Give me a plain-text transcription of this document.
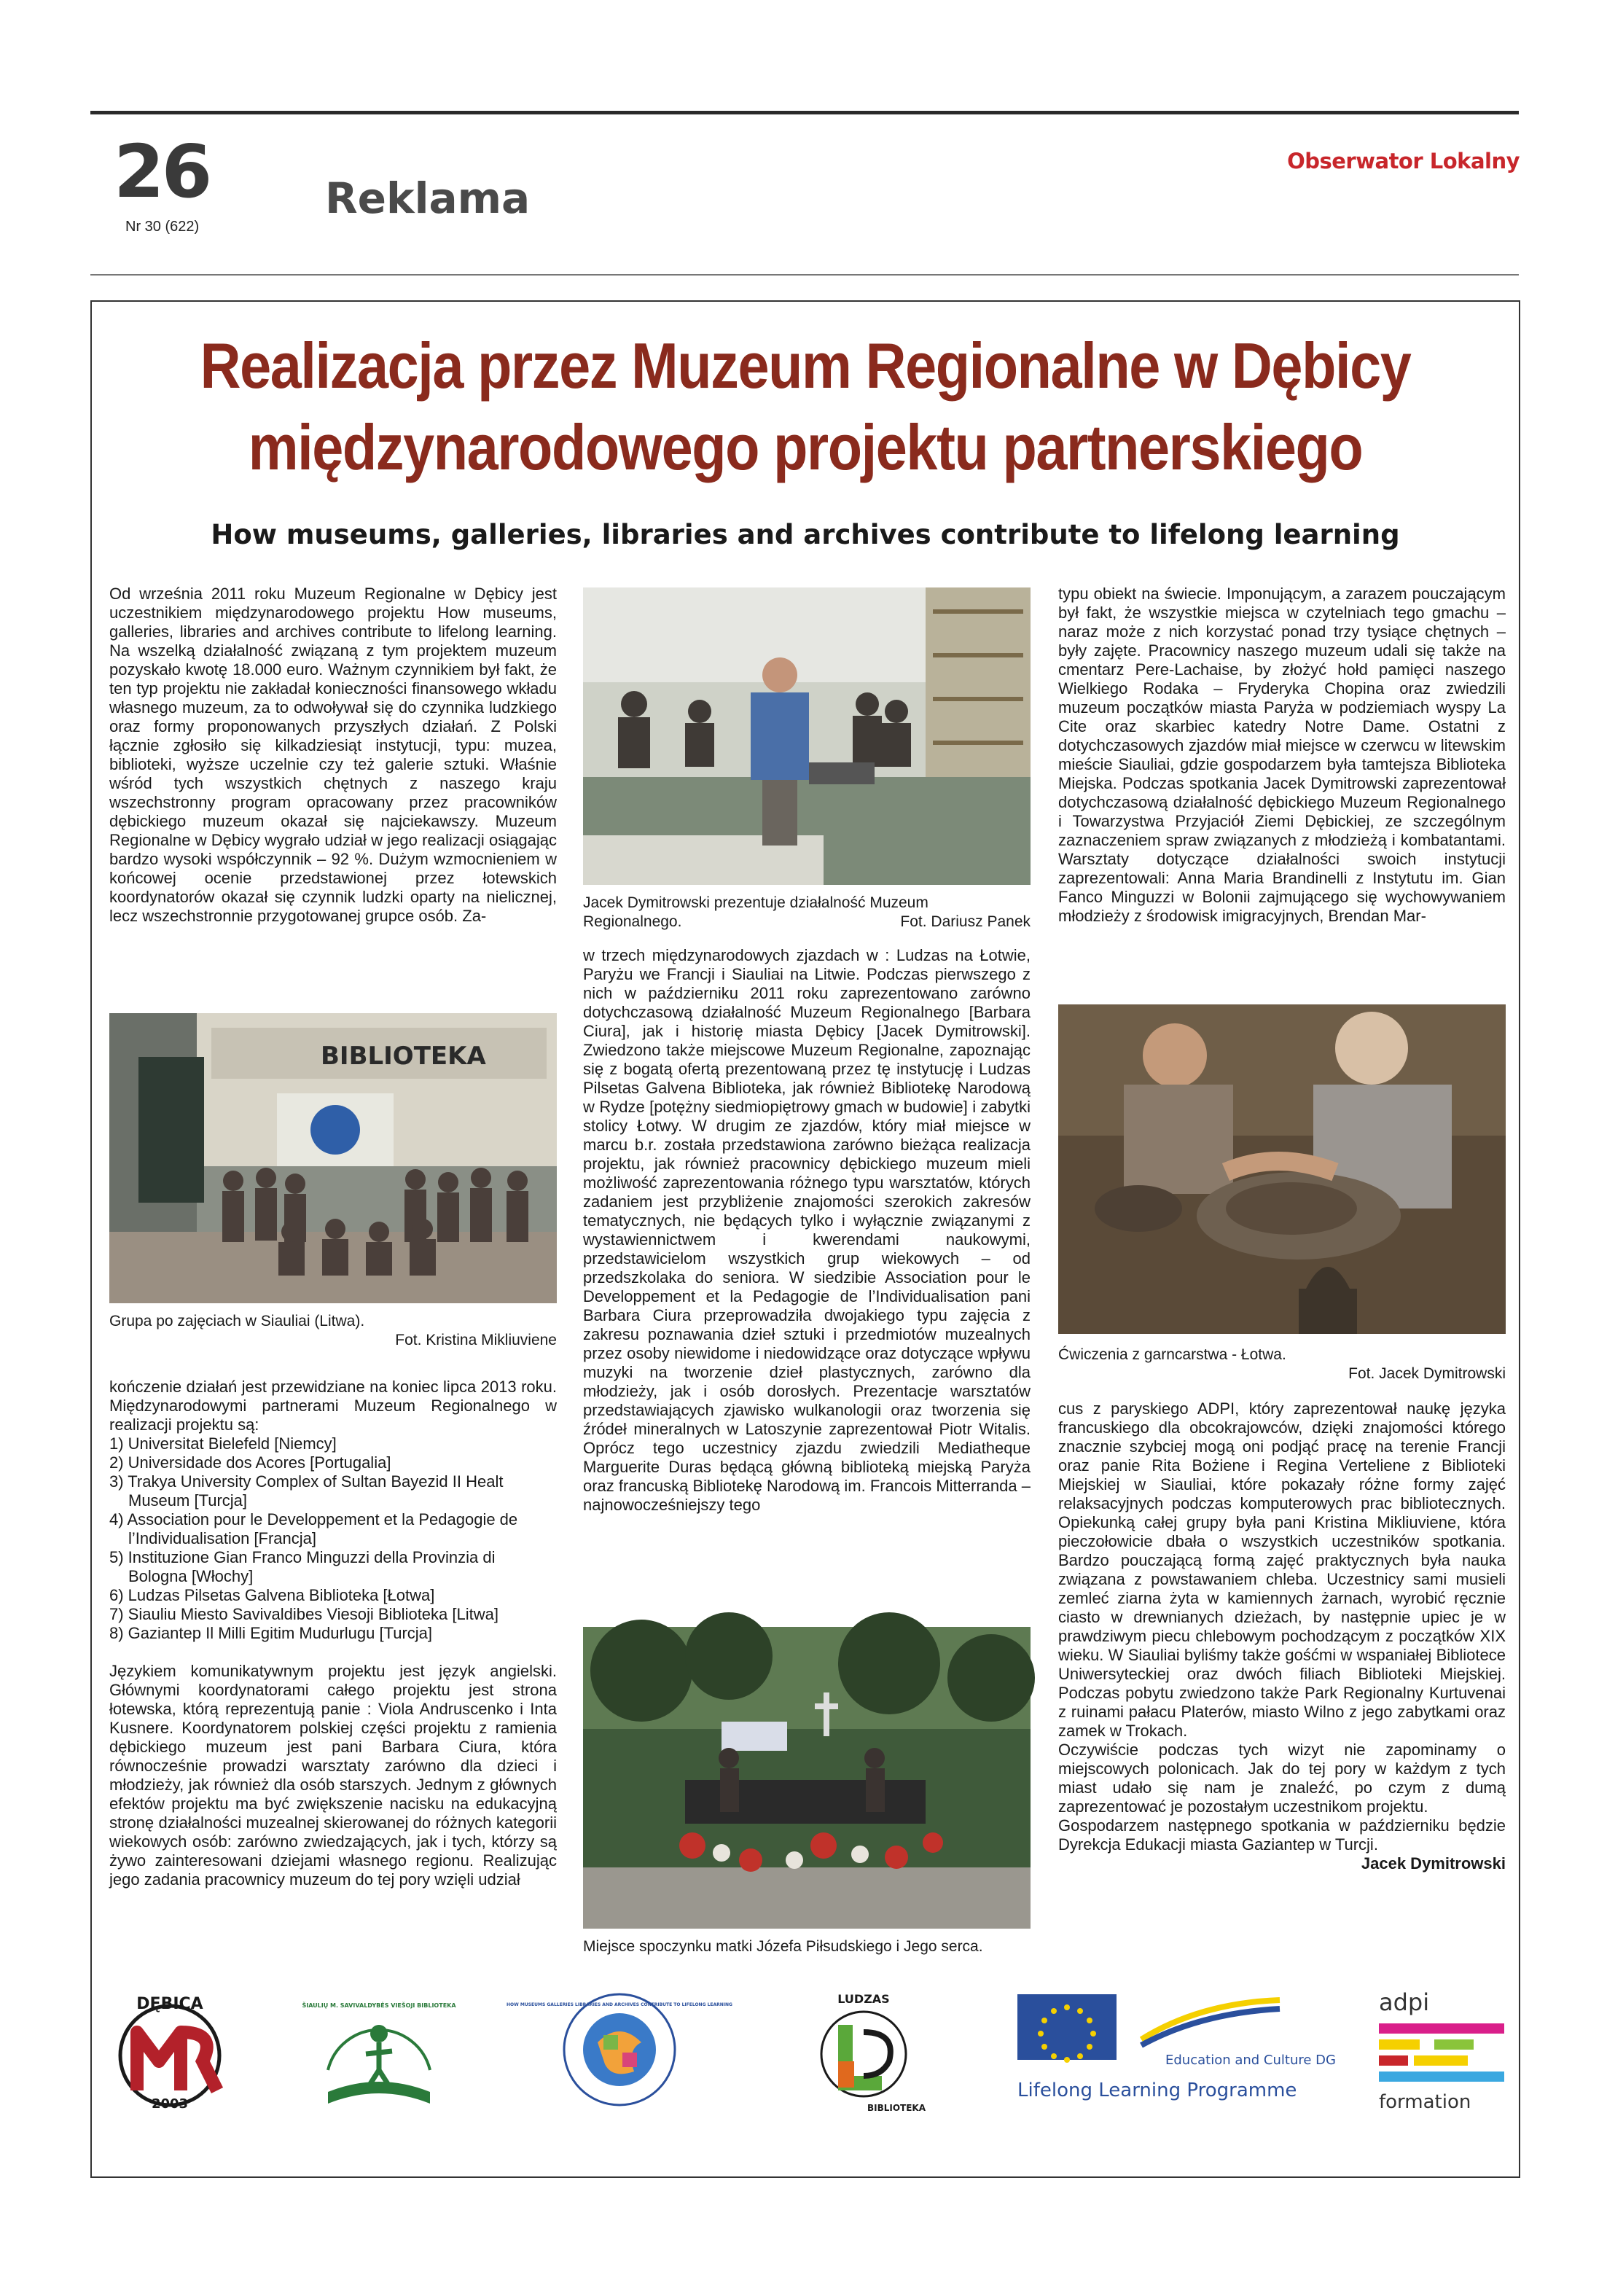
26
Nr 30 (622)
Reklama
Obserwator Lokalny
Realizacja przez Muzeum Regionalne w Dębicy
międzynarodowego projektu partnerskiego
How museums, galleries, libraries and archives contribute to lifelong learning

Od września 2011 roku Muzeum Regionalne w Dębicy jest uczestnikiem międzynarodowego projektu How museums, galleries, libraries and archives contribute to lifelong learning. Na wszelką działalność związaną z tym projektem muzeum pozyskało kwotę 18.000 euro. Ważnym czynnikiem był fakt, że ten typ projektu nie zakładał konieczności finansowego wkładu własnego muzeum, za to odwoływał się do czynnika ludzkiego oraz formy proponowanych przyszłych działań. Z Polski łącznie zgłosiło się kilkadziesiąt instytucji, typu: muzea, biblioteki, wyższe uczelnie czy też galerie sztuki. Właśnie wśród tych wszystkich chętnych z naszego kraju wszechstronny program opracowany przez pracowników dębickiego muzeum okazał się najciekawszy. Muzeum Regionalne w Dębicy wygrało udział w jego realizacji osiągając bardzo wysoki współczynnik – 92 %. Dużym wzmocnieniem w końcowej ocenie przedstawionej przez łotewskich koordynatorów okazał się czynnik ludzki oparty na nielicznej, lecz wszechstronnie przygotowanej grupce osób. Za-

BIBLIOTEKA
Grupa po zajęciach w Siauliai (Litwa).
Fot. Kristina Mikliuviene

kończenie działań jest przewidziane na koniec lipca 2013 roku. Międzynarodowymi partnerami Muzeum Regionalnego w realizacji projektu są:

1) Universitat Bielefeld [Niemcy]

2) Universidade dos Acores [Portugalia]

3) Trakya University Complex of Sultan Bayezid II Healt Museum [Turcja]

4) Association pour le Developpement et la Pedagogie de l’Individualisation [Francja]

5) Instituzione Gian Franco Minguzzi della Provinzia di Bologna [Włochy]

6) Ludzas Pilsetas Galvena Biblioteka [Łotwa]

7) Siauliu Miesto Savivaldibes Viesoji Biblioteka [Litwa]

8) Gaziantep Il Milli Egitim Mudurlugu [Turcja]

Językiem komunikatywnym projektu jest język angielski. Głównymi koordynatorami całego projektu jest strona łotewska, którą reprezentują panie : Viola Andruscenko i Inta Kusnere. Koordynatorem polskiej części projektu z ramienia dębickiego muzeum jest pani Barbara Ciura, która równocześnie prowadzi warsztaty zarówno dla dzieci i młodzieży, jak również dla osób starszych. Jednym z głównych efektów projektu ma być zwiększenie nacisku na edukacyjną stronę działalności muzealnej skierowanej do różnych kategorii wiekowych osób: zarówno zwiedzających, jak i tych, którzy są żywo zainteresowani dziejami własnego regionu. Realizując jego zadania pracownicy muzeum do tej pory wzięli udział

Jacek Dymitrowski prezentuje działalność Muzeum Regionalnego.	Fot. Dariusz Panek

w trzech międzynarodowych zjazdach w : Ludzas na Łotwie, Paryżu we Francji i Siauliai na Litwie. Podczas pierwszego z nich w październiku 2011 roku zaprezentowano zarówno dotychczasową działalność Muzeum Regionalnego [Barbara Ciura], jak i historię miasta Dębicy [Jacek Dymitrowski]. Zwiedzono także miejscowe Muzeum Regionalne, zapoznając się z bogatą ofertą prezentowaną przez tę instytucję i Ludzas Pilsetas Galvena Biblioteka, jak również Bibliotekę Narodową w Rydze [potężny siedmiopiętrowy gmach w budowie] i zabytki stolicy Łotwy. W drugim ze zjazdów, który miał miejsce w marcu b.r. została przedstawiona zarówno bieżąca realizacja projektu, jak również pracownicy dębickiego muzeum mieli możliwość zaprezentowania różnego typu warsztatów, których zadaniem jest przybliżenie znajomości szerokich zakresów tematycznych, nie będących tylko i wyłącznie związanymi z wystawiennictwem i kwerendami naukowymi, przedstawicielom wszystkich grup wiekowych – od przedszkolaka do seniora. W siedzibie Association pour le Developpement et la Pedagogie de l’Individualisation pani Barbara Ciura przeprowadziła dwojakiego typu zajęcia z zakresu poznawania dzieł sztuki i przedmiotów muzealnych przez osoby niewidome i niedowidzące oraz dotyczące wpływu muzyki na tworzenie dzieł plastycznych, zarówno dla młodzieży, jak i osób dorosłych. Prezentacje warsztatów przedstawiających zjawisko wulkanologii oraz tworzenia się źródeł mineralnych w Latoszynie zaprezentował Piotr Witalis. Oprócz tego uczestnicy zjazdu zwiedzili Mediatheque Marguerite Duras będącą główną biblioteką miejską Paryża oraz francuską Bibliotekę Narodową im. Francois Mitterranda – najnowocześniejszy tego

Miejsce spoczynku matki Józefa Piłsudskiego i Jego serca.

typu obiekt na świecie. Imponującym, a zarazem pouczającym był fakt, że wszystkie miejsca w czytelniach tego gmachu – naraz może z nich korzystać ponad trzy tysiące chętnych – były zajęte. Pracownicy naszego muzeum udali się także na cmentarz Pere-Lachaise, by złożyć hołd pamięci naszego Wielkiego Rodaka – Fryderyka Chopina oraz zwiedzili muzeum początków miasta Paryża w podziemiach wyspy La Cite oraz skarbiec katedry Notre Dame. Ostatni z dotychczasowych zjazdów miał miejsce w czerwcu w litewskim mieście Siauliai, gdzie gospodarzem była tamtejsza Biblioteka Miejska. Podczas spotkania Jacek Dymitrowski zaprezentował dotychczasową działalność dębickiego Muzeum Regionalnego i Towarzystwa Przyjaciół Ziemi Dębickiej, ze szczególnym zaznaczeniem spraw związanych z młodzieżą i kombatantami. Warsztaty dotyczące działalności swoich instytucji zaprezentowali: Anna Maria Brandinelli z Instytutu im. Gian Fanco Minguzzi w Bolonii zajmującego się wychowywaniem młodzieży z środowisk imigracyjnych, Brendan Mar-

Ćwiczenia z garncarstwa - Łotwa.
Fot. Jacek Dymitrowski

cus z paryskiego ADPI, który zaprezentował naukę języka francuskiego dla obcokrajowców, dzięki znajomości którego znacznie szybciej mogą oni podjąć pracę na terenie Francji oraz panie Rita Bożiene i Regina Verteliene z Biblioteki Miejskiej w Siauliai, które pokazały różne formy zajęć relaksacyjnych podczas komputerowych prac bibliotecznych. Opiekunką całej grupy była pani Kristina Mikliuviene, która pieczołowicie dbała o wszystkich uczestników spotkania. Bardzo pouczającą formą zajęć praktycznych była nauka związana z powstawaniem chleba. Uczestnicy sami musieli zemleć ziarna żyta w kamiennych żarnach, wyrobić ręcznie ciasto w drewnianych dzieżach, by następnie upiec je w prawdziwym piecu chlebowym pochodzącym z początków XIX wieku. W Siauliai byliśmy także gośćmi w wspaniałej Bibliotece Uniwersyteckiej oraz dwóch filiach Biblioteki Miejskiej. Podczas pobytu zwiedzono także Park Regionalny Kurtuvenai z ruinami pałacu Platerów, miasto Wilno z jego zabytkami oraz zamek w Trokach.

Oczywiście podczas tych wizyt nie zapominamy o miejscowych polonicach. Jak do tej pory w każdym z tych miast udało się nam je znaleźć, po czym z dumą zaprezentować je pozostałym uczestnikom projektu.

Gospodarzem następnego spotkania w październiku będzie Dyrekcja Edukacji miasta Gaziantep w Turcji.

Jacek Dymitrowski

DĘBICA
2003
ŠIAULIŲ M. SAVIVALDYBĖS VIEŠOJI BIBLIOTEKA	HOW MUSEUMS GALLERIES LIBRARIES AND ARCHIVES CONTRIBUTE TO LIFELONG LEARNING	LUDZAS
BIBLIOTEKA
Education and Culture DG
Lifelong Learning Programme
adpi
formation
